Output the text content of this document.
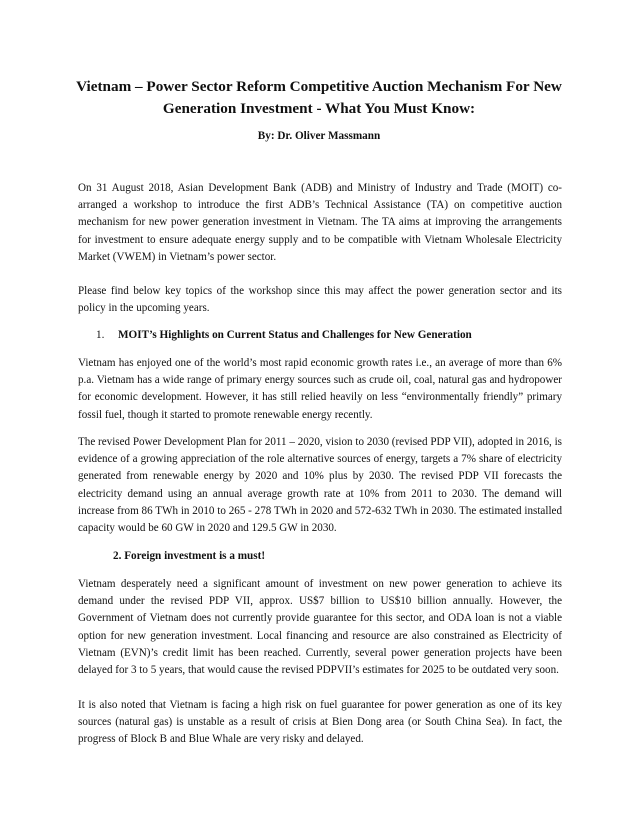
Vietnam – Power Sector Reform Competitive Auction Mechanism For New Generation Investment - What You Must Know:

By: Dr. Oliver Massmann

On 31 August 2018, Asian Development Bank (ADB) and Ministry of Industry and Trade (MOIT) co-arranged a workshop to introduce the first ADB’s Technical Assistance (TA) on competitive auction mechanism for new power generation investment in Vietnam. The TA aims at improving the arrangements for investment to ensure adequate energy supply and to be compatible with Vietnam Wholesale Electricity Market (VWEM) in Vietnam’s power sector.

Please find below key topics of the workshop since this may affect the power generation sector and its policy in the upcoming years.

1. MOIT’s Highlights on Current Status and Challenges for New Generation

Vietnam has enjoyed one of the world’s most rapid economic growth rates i.e., an average of more than 6% p.a. Vietnam has a wide range of primary energy sources such as crude oil, coal, natural gas and hydropower for economic development. However, it has still relied heavily on less “environmentally friendly” primary fossil fuel, though it started to promote renewable energy recently.

The revised Power Development Plan for 2011 – 2020, vision to 2030 (revised PDP VII), adopted in 2016, is evidence of a growing appreciation of the role alternative sources of energy, targets a 7% share of electricity generated from renewable energy by 2020 and 10% plus by 2030. The revised PDP VII forecasts the electricity demand using an annual average growth rate at 10% from 2011 to 2030. The demand will increase from 86 TWh in 2010 to 265 - 278 TWh in 2020 and 572-632 TWh in 2030. The estimated installed capacity would be 60 GW in 2020 and 129.5 GW in 2030.

2. Foreign investment is a must!

Vietnam desperately need a significant amount of investment on new power generation to achieve its demand under the revised PDP VII, approx. US$7 billion to US$10 billion annually. However, the Government of Vietnam does not currently provide guarantee for this sector, and ODA loan is not a viable option for new generation investment. Local financing and resource are also constrained as Electricity of Vietnam (EVN)’s credit limit has been reached. Currently, several power generation projects have been delayed for 3 to 5 years, that would cause the revised PDPVII’s estimates for 2025 to be outdated very soon.

It is also noted that Vietnam is facing a high risk on fuel guarantee for power generation as one of its key sources (natural gas) is unstable as a result of crisis at Bien Dong area (or South China Sea). In fact, the progress of Block B and Blue Whale are very risky and delayed.
